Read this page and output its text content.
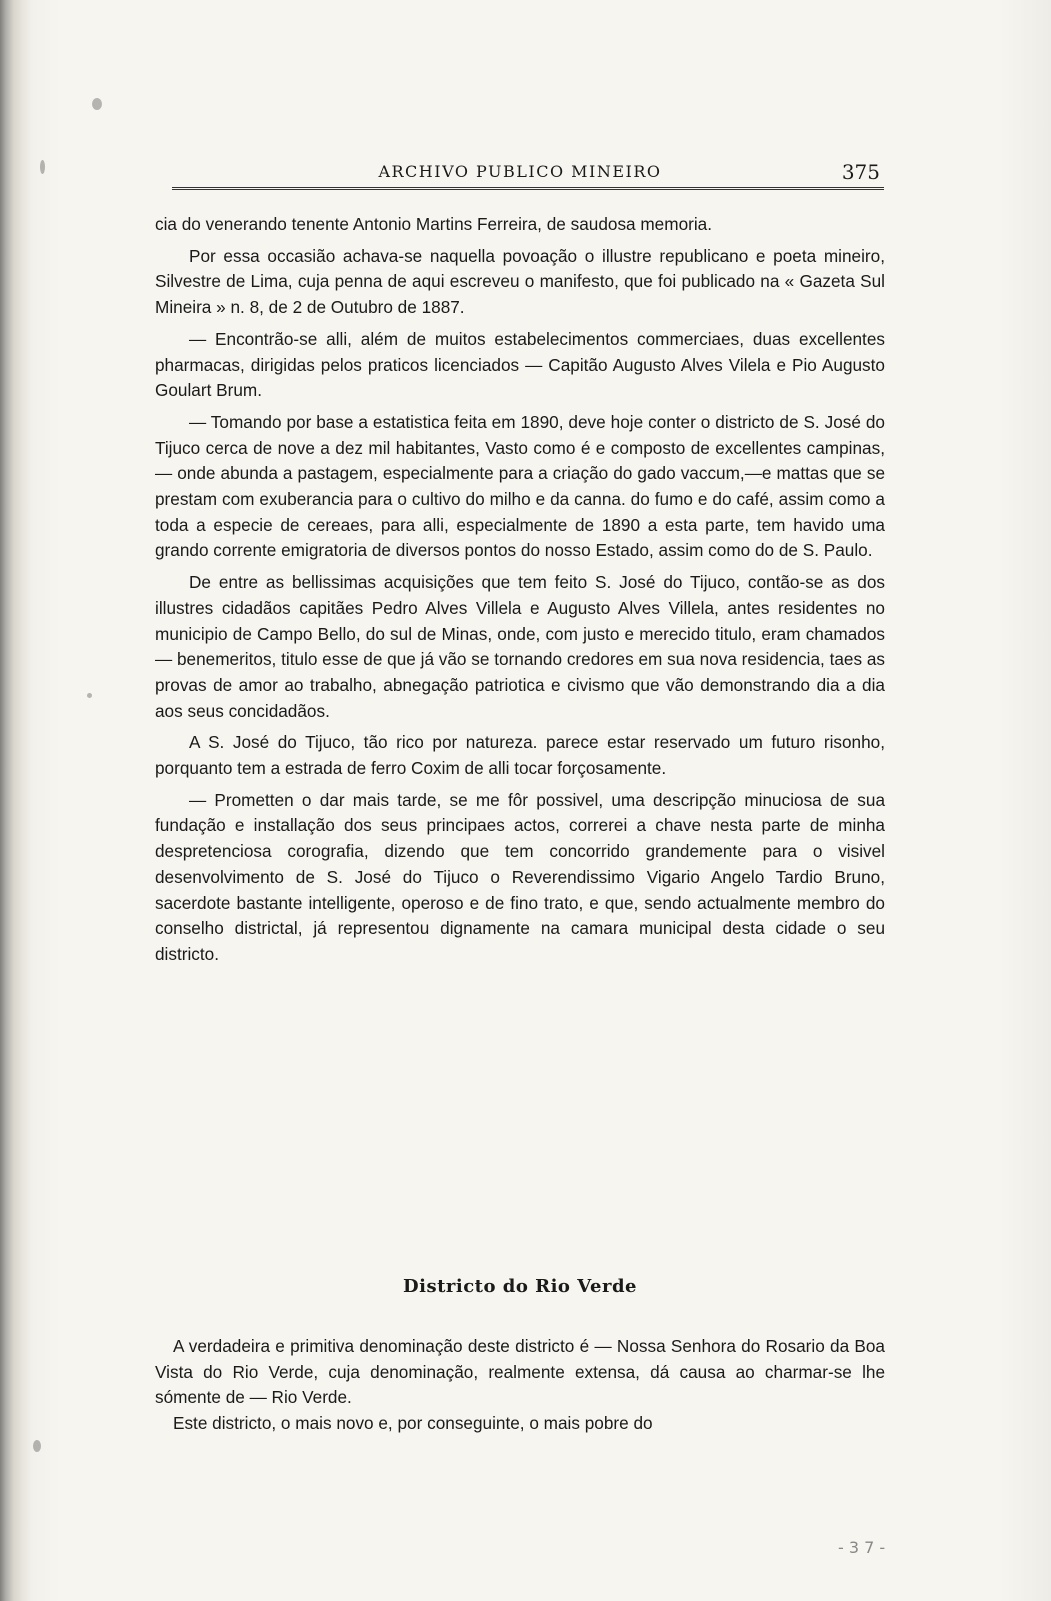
ARCHIVO PUBLICO MINEIRO	375

cia do venerando tenente Antonio Martins Ferreira, de saudosa memoria.

Por essa occasião achava-se naquella povoação o illustre republicano e poeta mineiro, Silvestre de Lima, cuja penna de aqui escreveu o manifesto, que foi publicado na « Gazeta Sul Mineira » n. 8, de 2 de Outubro de 1887.

— Encontrão-se alli, além de muitos estabelecimentos commerciaes, duas excellentes pharmacas, dirigidas pelos praticos licenciados — Capitão Augusto Alves Vilela e Pio Augusto Goulart Brum.

— Tomando por base a estatistica feita em 1890, deve hoje conter o districto de S. José do Tijuco cerca de nove a dez mil habitantes, Vasto como é e composto de excellentes campinas,— onde abunda a pastagem, especialmente para a criação do gado vaccum,—e mattas que se prestam com exuberancia para o cultivo do milho e da canna. do fumo e do café, assim como a toda a especie de cereaes, para alli, especialmente de 1890 a esta parte, tem havido uma grando corrente emigratoria de diversos pontos do nosso Estado, assim como do de S. Paulo.

De entre as bellissimas acquisições que tem feito S. José do Tijuco, contão-se as dos illustres cidadãos capitães Pedro Alves Villela e Augusto Alves Villela, antes residentes no municipio de Campo Bello, do sul de Minas, onde, com justo e merecido titulo, eram chamados — benemeritos, titulo esse de que já vão se tornando credores em sua nova residencia, taes as provas de amor ao trabalho, abnegação patriotica e civismo que vão demonstrando dia a dia aos seus concidadãos.

A S. José do Tijuco, tão rico por natureza. parece estar reservado um futuro risonho, porquanto tem a estrada de ferro Coxim de alli tocar forçosamente.

— Prometten o dar mais tarde, se me fôr possivel, uma descripção minuciosa de sua fundação e installação dos seus principaes actos, correrei a chave nesta parte de minha despretenciosa corografia, dizendo que tem concorrido grandemente para o visivel desenvolvimento de S. José do Tijuco o Reverendissimo Vigario Angelo Tardio Bruno, sacerdote bastante intelligente, operoso e de fino trato, e que, sendo actualmente membro do conselho districtal, já representou dignamente na camara municipal desta cidade o seu districto.

Districto do Rio Verde

A verdadeira e primitiva denominação deste districto é — Nossa Senhora do Rosario da Boa Vista do Rio Verde, cuja denominação, realmente extensa, dá causa ao charmar-se lhe sómente de — Rio Verde.

Este districto, o mais novo e, por conseguinte, o mais pobre do

- 3 7 -
